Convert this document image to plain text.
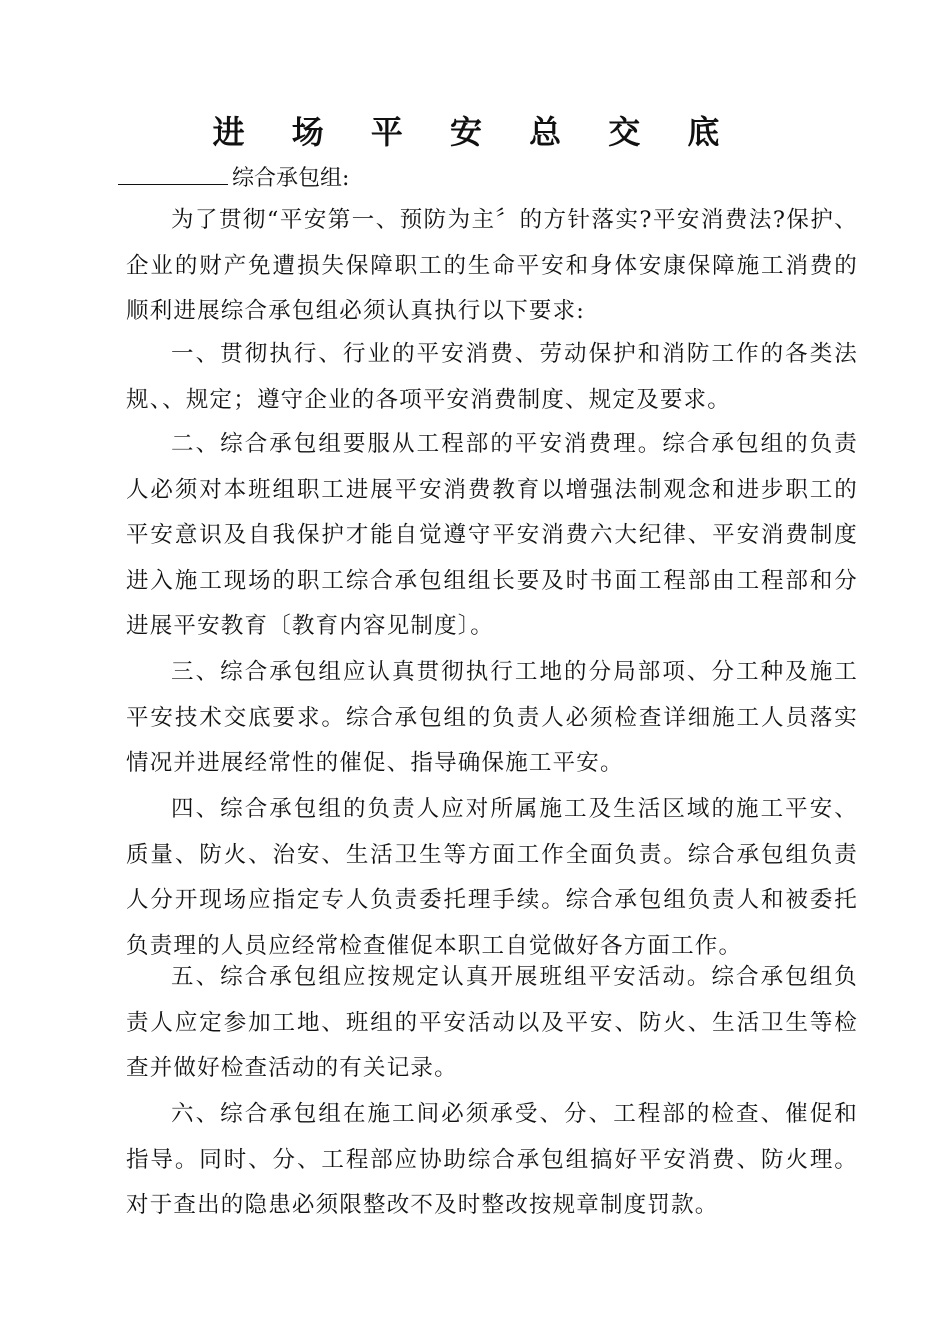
进 场 平 安 总 交 底
综合承包组:

为了贯彻“平安第一、预防为主〞的方针落实?平安消费法?保护、企业的财产免遭损失保障职工的生命平安和身体安康保障施工消费的顺利进展综合承包组必须认真执行以下要求:

一、贯彻执行、行业的平安消费、劳动保护和消防工作的各类法规、、规定；遵守企业的各项平安消费制度、规定及要求。

二、综合承包组要服从工程部的平安消费理。综合承包组的负责人必须对本班组职工进展平安消费教育以增强法制观念和进步职工的平安意识及自我保护才能自觉遵守平安消费六大纪律、平安消费制度进入施工现场的职工综合承包组组长要及时书面工程部由工程部和分进展平安教育〔教育内容见制度〕。

三、综合承包组应认真贯彻执行工地的分局部项、分工种及施工平安技术交底要求。综合承包组的负责人必须检查详细施工人员落实情况并进展经常性的催促、指导确保施工平安。

四、综合承包组的负责人应对所属施工及生活区域的施工平安、质量、防火、治安、生活卫生等方面工作全面负责。综合承包组负责人分开现场应指定专人负责委托理手续。综合承包组负责人和被委托负责理的人员应经常检查催促本职工自觉做好各方面工作。

五、综合承包组应按规定认真开展班组平安活动。综合承包组负责人应定参加工地、班组的平安活动以及平安、防火、生活卫生等检查并做好检查活动的有关记录。

六、综合承包组在施工间必须承受、分、工程部的检查、催促和指导。同时、分、工程部应协助综合承包组搞好平安消费、防火理。对于查出的隐患必须限整改不及时整改按规章制度罚款。
